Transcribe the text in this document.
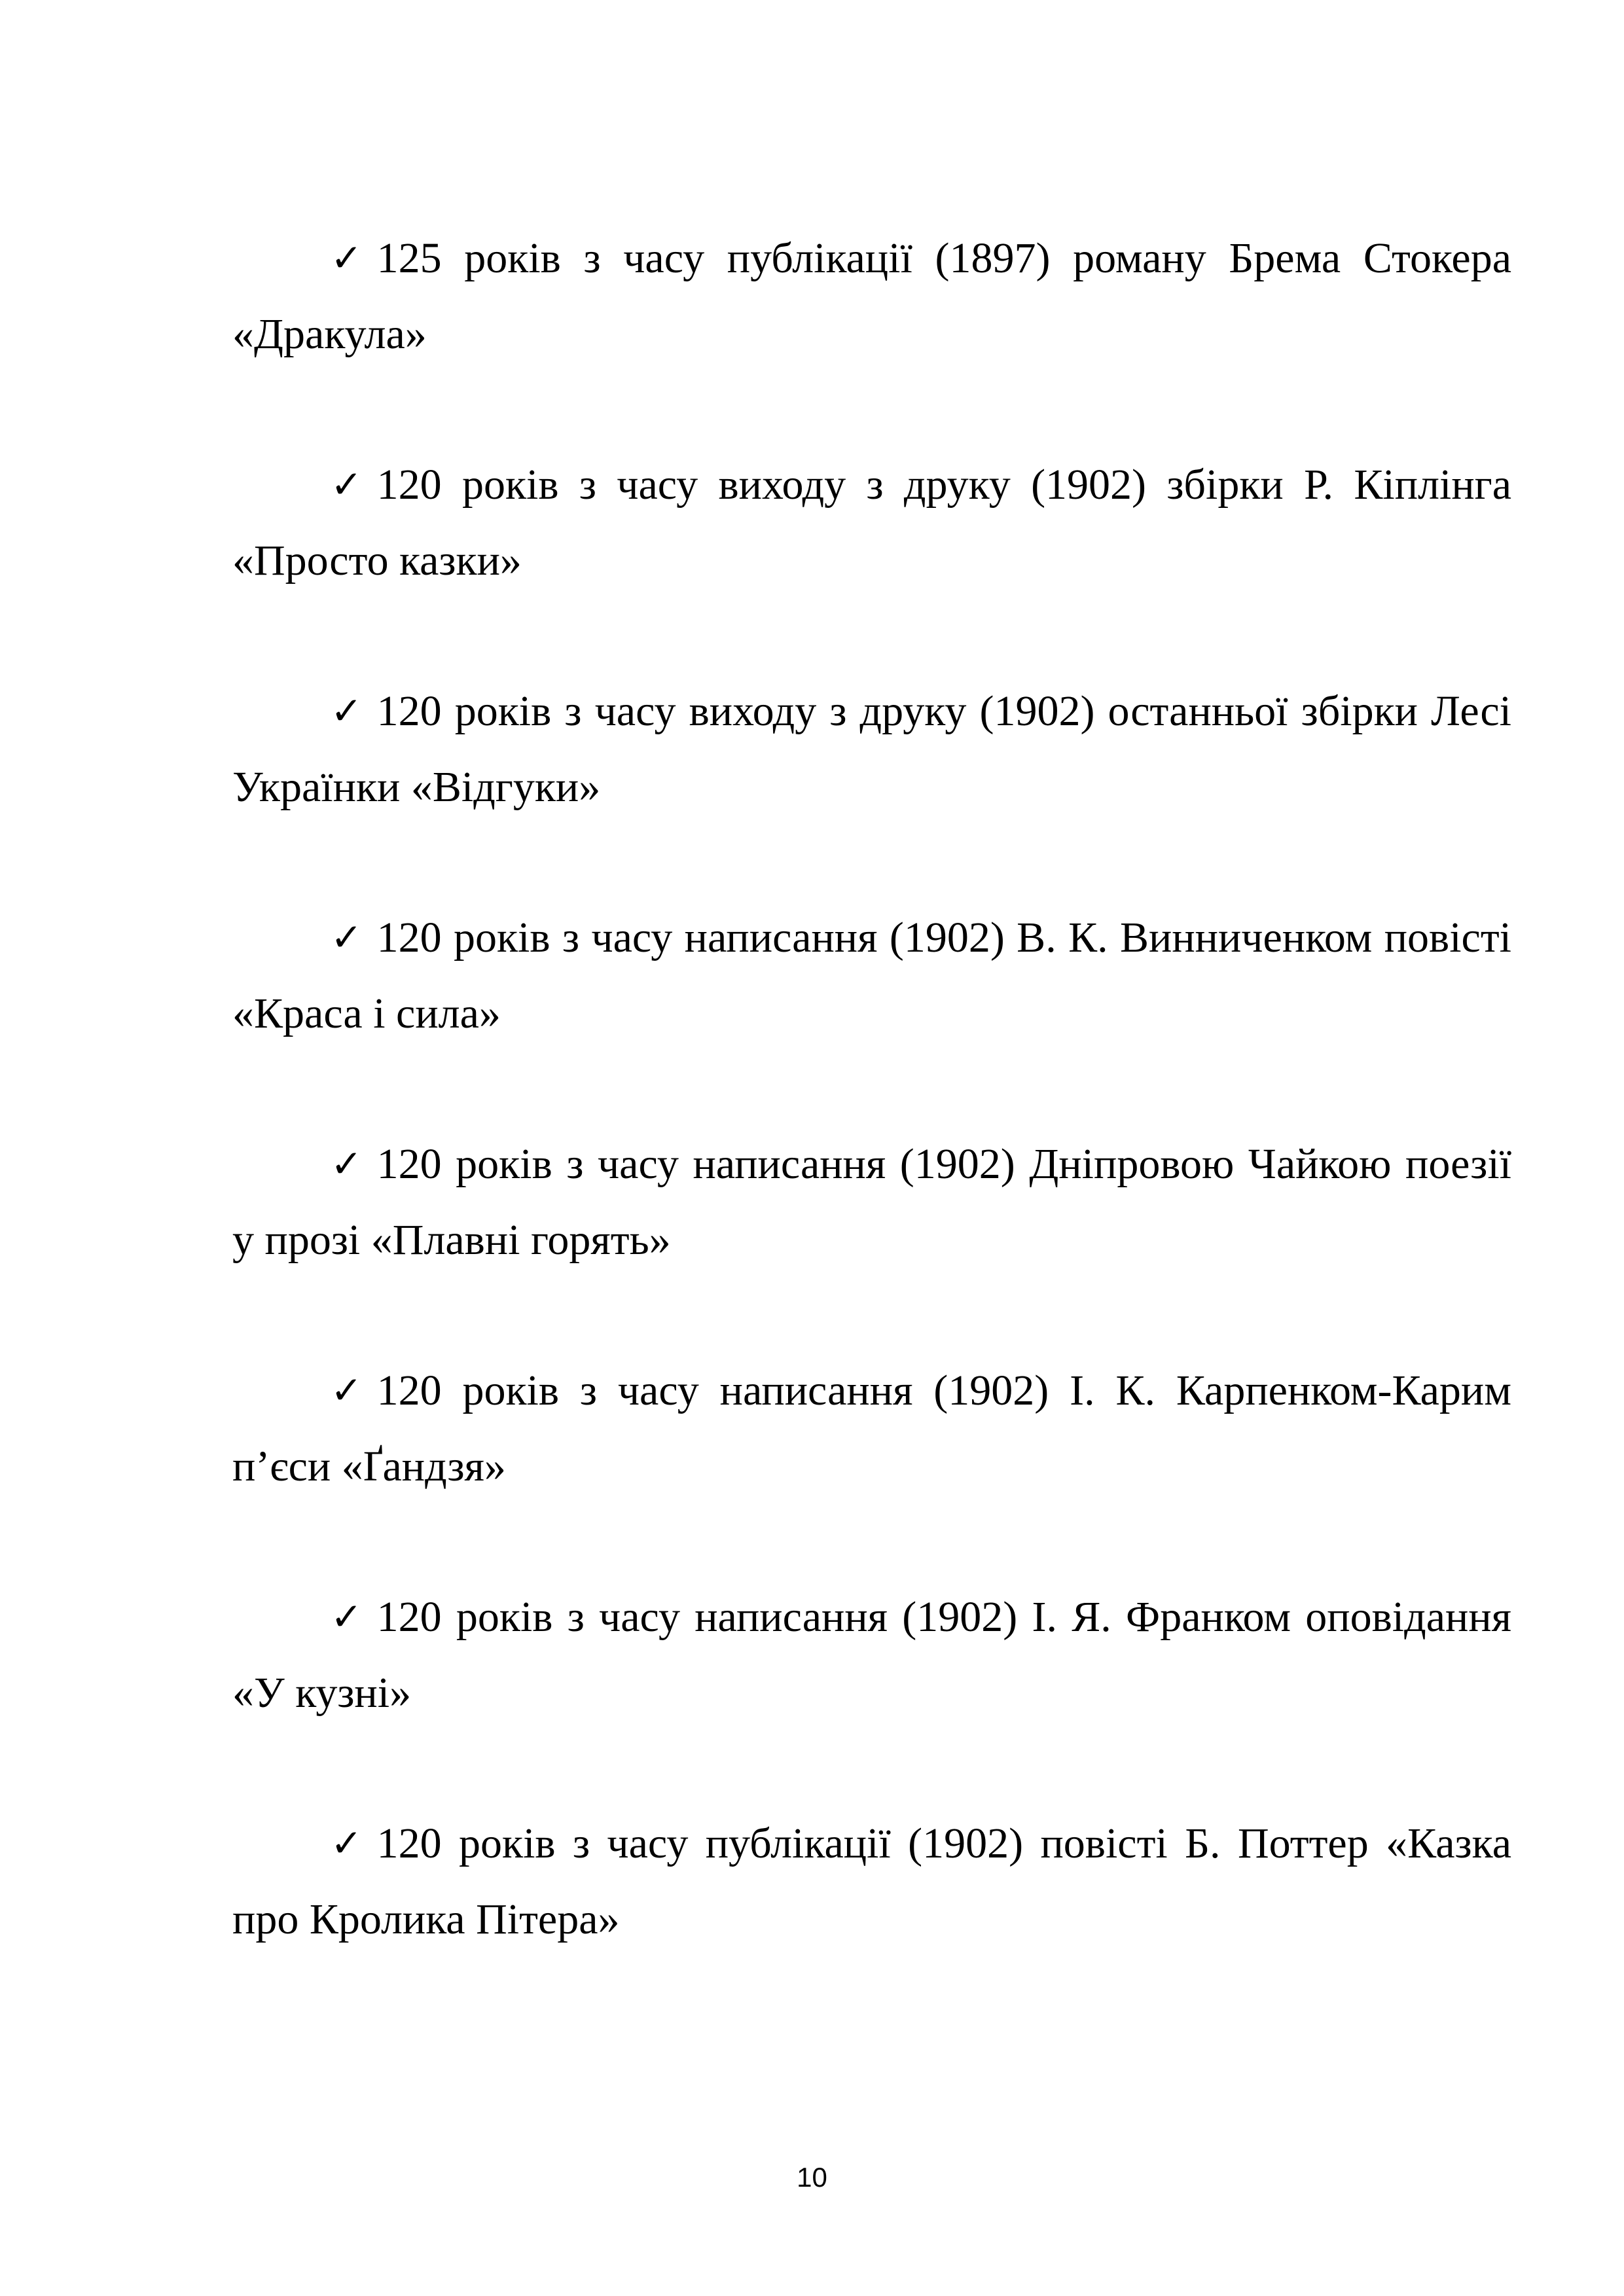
✓ 125 років з часу публікації (1897) роману Брема Стокера «Дракула»

✓ 120 років з часу виходу з друку (1902) збірки Р. Кіплінга «Просто казки»

✓ 120 років з часу виходу з друку (1902) останньої збірки Лесі Українки «Відгуки»

✓ 120 років з часу написання (1902) В. К. Винниченком повісті «Краса і сила»

✓ 120 років з часу написання (1902) Дніпровою Чайкою поезії у прозі «Плавні горять»

✓ 120 років з часу написання (1902) І. К. Карпенком-Карим п’єси «Ґандзя»

✓ 120 років з часу написання (1902) І. Я. Франком оповідання «У кузні»

✓ 120 років з часу публікації (1902) повісті Б. Поттер «Казка про Кролика Пітера»

10
